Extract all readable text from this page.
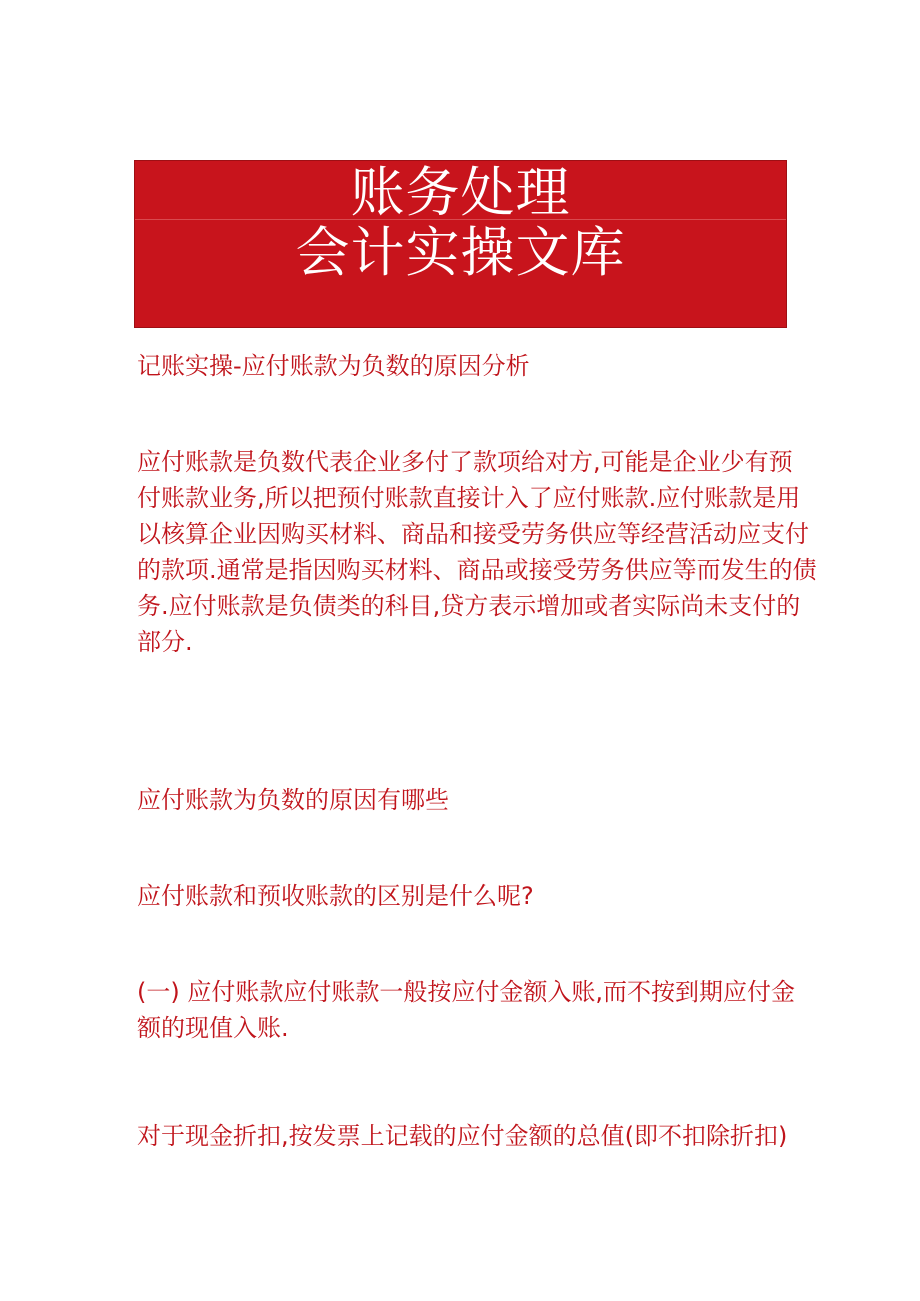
账务处理
会计实操文库
记账实操-应付账款为负数的原因分析
应付账款是负数代表企业多付了款项给对方,可能是企业少有预
付账款业务,所以把预付账款直接计入了应付账款.应付账款是用
以核算企业因购买材料、商品和接受劳务供应等经营活动应支付
的款项.通常是指因购买材料、商品或接受劳务供应等而发生的债
务.应付账款是负债类的科目,贷方表示增加或者实际尚未支付的
部分.
应付账款为负数的原因有哪些
应付账款和预收账款的区别是什么呢?
(一) 应付账款应付账款一般按应付金额入账,而不按到期应付金
额的现值入账.
对于现金折扣,按发票上记载的应付金额的总值(即不扣除折扣)
